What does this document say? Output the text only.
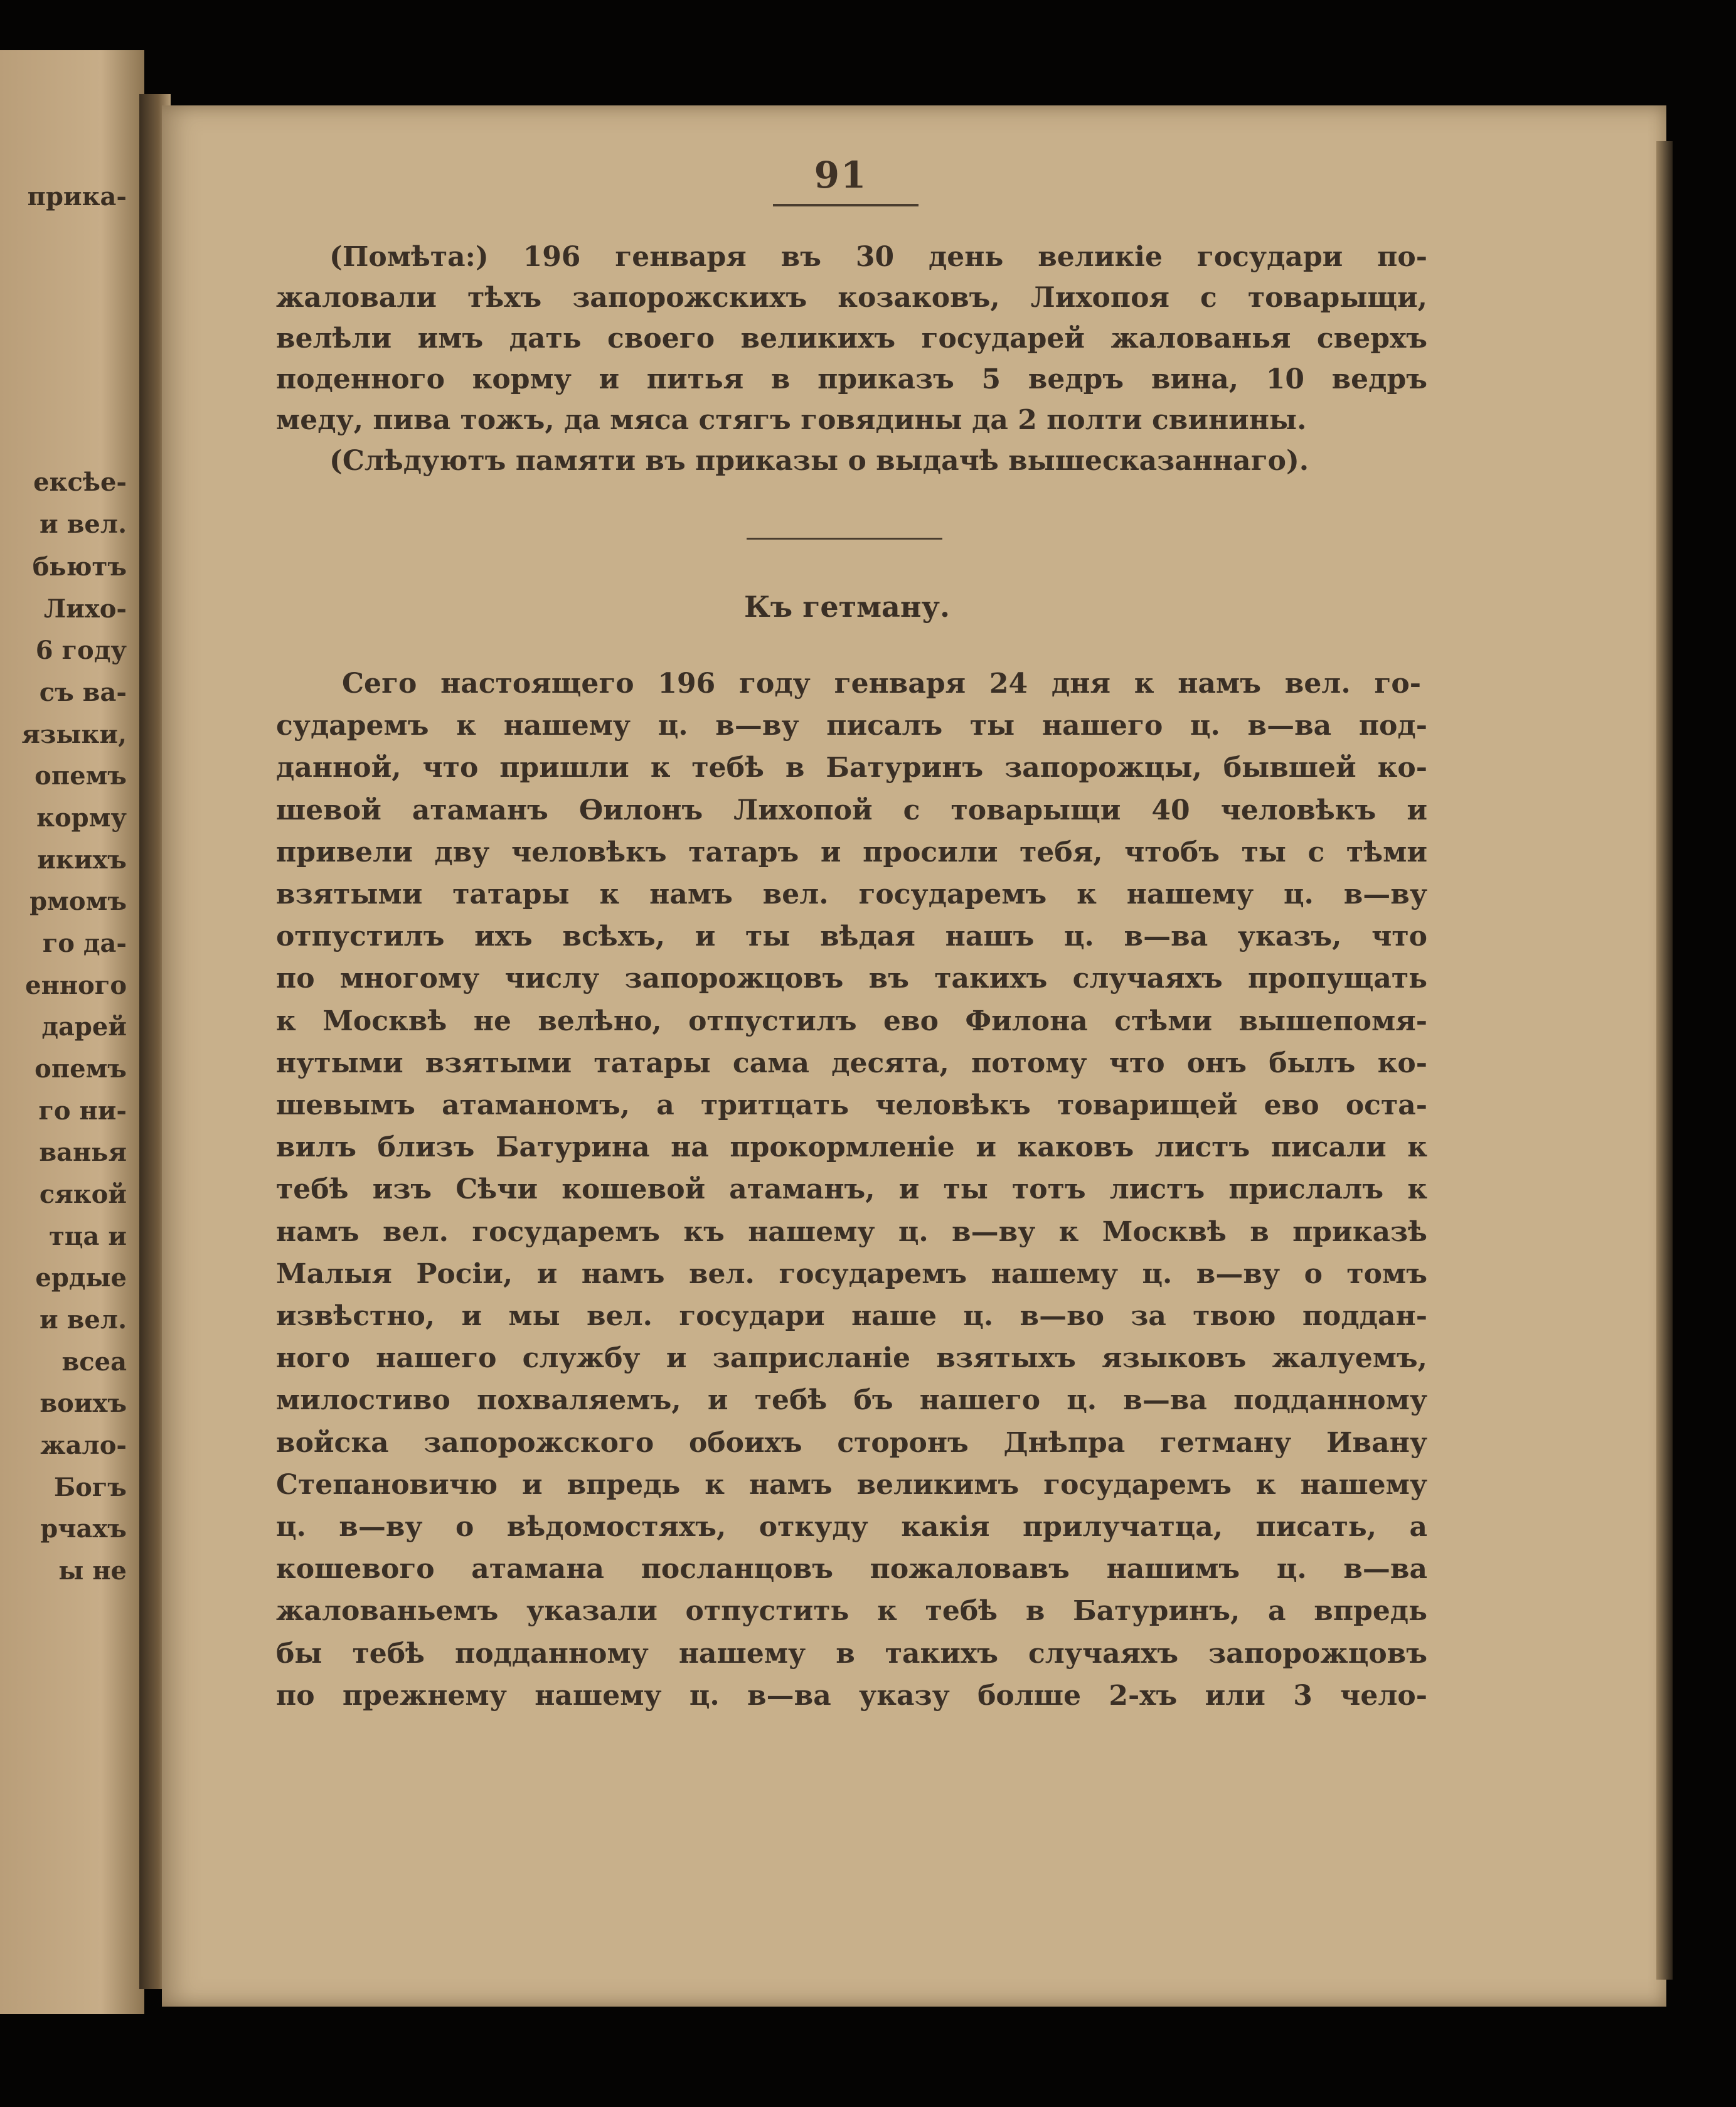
прика-
ексѣе-
и вел.
бьютъ
Лихо-
6 году
съ ва-
языки,
опемъ
корму
икихъ
рмомъ
го да-
енного
дарей
опемъ
го ни-
ванья
сякой
тца и
ердые
и вел.
всеа
воихъ
жало-
Богъ
рчахъ
ы не
91
(Помѣта:) 196 генваря въ 30 день великіе государи по-
жаловали тѣхъ запорожскихъ козаковъ, Лихопоя с товарыщи,
велѣли имъ дать своего великихъ государей жалованья сверхъ
поденного корму и питья в приказъ 5 ведръ вина, 10 ведръ
меду, пива тожъ, да мяса стягъ говядины да 2 полти свинины.
(Слѣдуютъ памяти въ приказы о выдачѣ вышесказаннаго).
Къ гетману.
Сего настоящего 196 году генваря 24 дня к намъ вел. го-
сударемъ к нашему ц. в—ву писалъ ты нашего ц. в—ва под-
данной, что пришли к тебѣ в Батуринъ запорожцы, бывшей ко-
шевой атаманъ Ѳилонъ Лихопой с товарыщи 40 человѣкъ и
привели дву человѣкъ татаръ и просили тебя, чтобъ ты с тѣми
взятыми татары к намъ вел. государемъ к нашему ц. в—ву
отпустилъ ихъ всѣхъ, и ты вѣдая нашъ ц. в—ва указъ, что
по многому числу запорожцовъ въ такихъ случаяхъ пропущать
к Москвѣ не велѣно, отпустилъ ево Филона стѣми вышепомя-
нутыми взятыми татары сама десята, потому что онъ былъ ко-
шевымъ атаманомъ, а тритцать человѣкъ товарищей ево оста-
вилъ близъ Батурина на прокормленіе и каковъ листъ писали к
тебѣ изъ Сѣчи кошевой атаманъ, и ты тотъ листъ прислалъ к
намъ вел. государемъ къ нашему ц. в—ву к Москвѣ в приказѣ
Малыя Росіи, и намъ вел. государемъ нашему ц. в—ву о томъ
извѣстно, и мы вел. государи наше ц. в—во за твою поддан-
ного нашего службу и заприсланіе взятыхъ языковъ жалуемъ,
милостиво похваляемъ, и тебѣ бъ нашего ц. в—ва подданному
войска запорожского обоихъ сторонъ Днѣпра гетману Ивану
Степановичю и впредь к намъ великимъ государемъ к нашему
ц. в—ву о вѣдомостяхъ, откуду какія прилучатца, писать, а
кошевого атамана посланцовъ пожаловавъ нашимъ ц. в—ва
жалованьемъ указали отпустить к тебѣ в Батуринъ, а впредь
бы тебѣ подданному нашему в такихъ случаяхъ запорожцовъ
по прежнему нашему ц. в—ва указу болше 2-хъ или 3 чело-
